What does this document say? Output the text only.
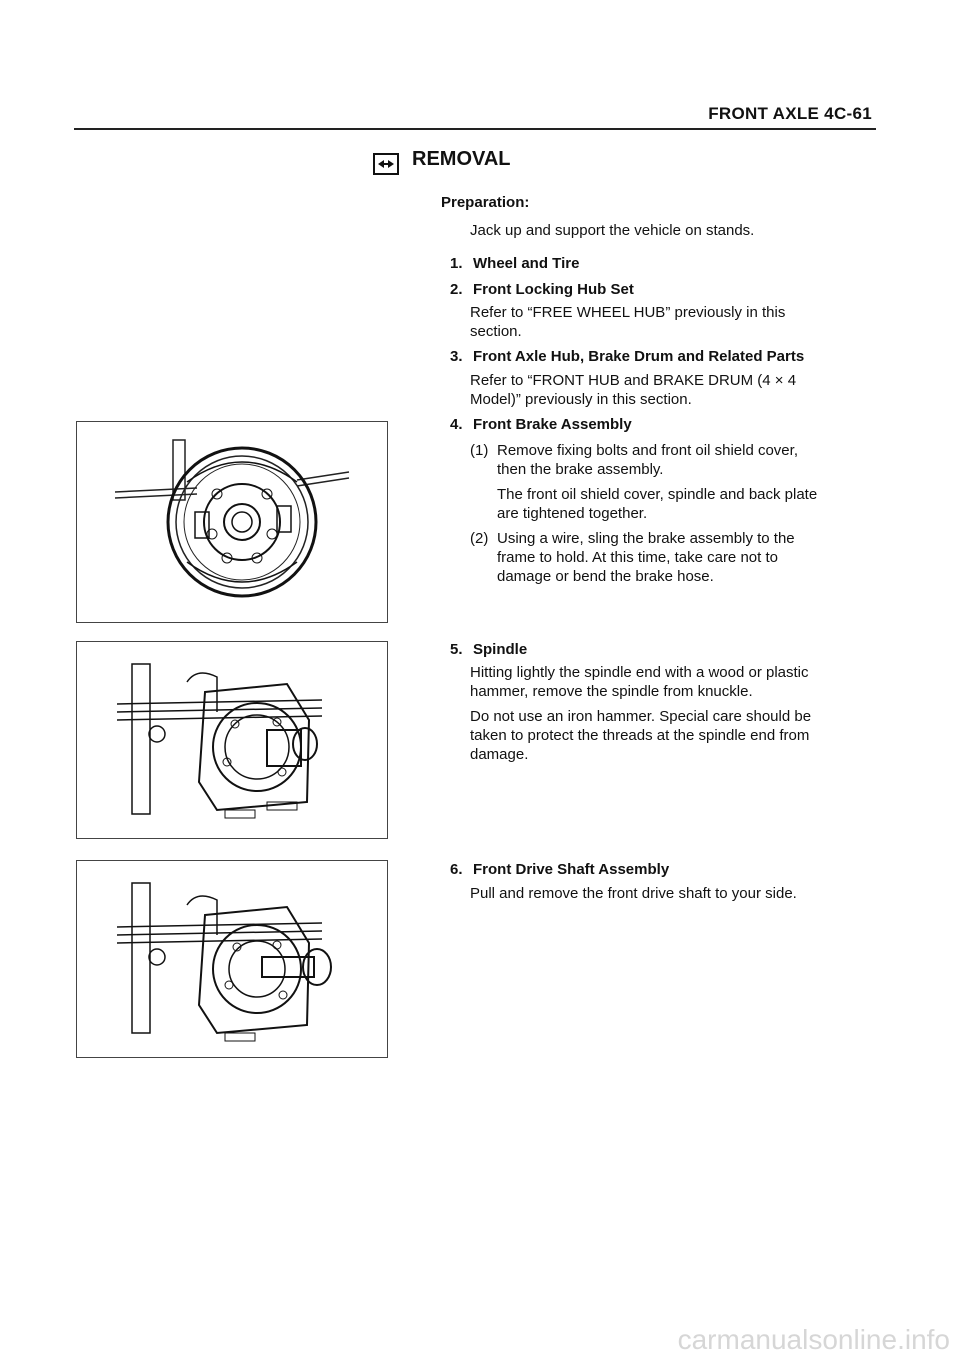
FRONT AXLE 4C-61
REMOVAL
Preparation:
Jack up and support the vehicle on stands.
1. Wheel and Tire
2. Front Locking Hub Set
Refer to “FREE WHEEL HUB” previously in this
section.
3. Front Axle Hub, Brake Drum and Related Parts
Refer to “FRONT HUB and BRAKE DRUM (4 × 4
Model)” previously in this section.
4. Front Brake Assembly
(1) Remove fixing bolts and front oil shield cover,
then the brake assembly.
The front oil shield cover, spindle and back plate
are tightened together.
(2) Using a wire, sling the brake assembly to the
frame to hold. At this time, take care not to
damage or bend the brake hose.
5. Spindle
Hitting lightly the spindle end with a wood or plastic
hammer, remove the spindle from knuckle.
Do not use an iron hammer. Special care should be
taken to protect the threads at the spindle end from
damage.
6. Front Drive Shaft Assembly
Pull and remove the front drive shaft to your side.
carmanualsonline.info
